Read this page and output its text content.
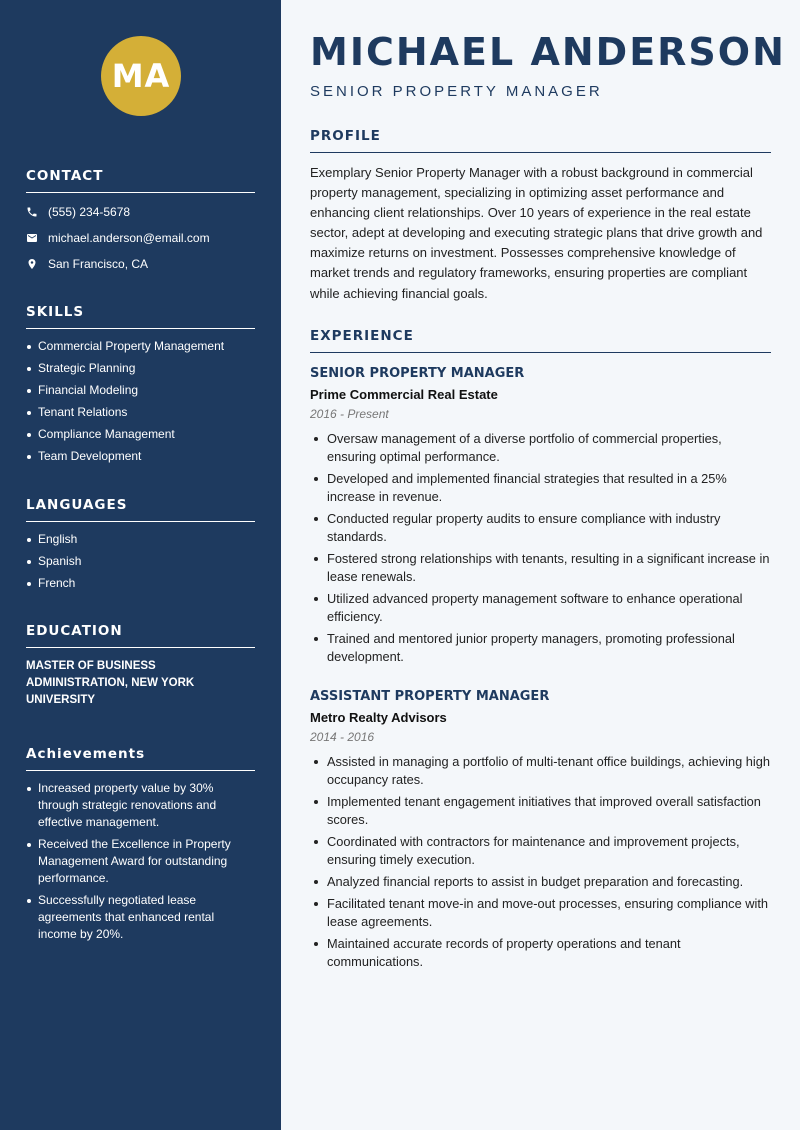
MA
CONTACT
(555) 234-5678
michael.anderson@email.com
San Francisco, CA
SKILLS
Commercial Property Management
Strategic Planning
Financial Modeling
Tenant Relations
Compliance Management
Team Development
LANGUAGES
English
Spanish
French
EDUCATION
MASTER OF BUSINESS ADMINISTRATION, NEW YORK UNIVERSITY
Achievements
Increased property value by 30% through strategic renovations and effective management.
Received the Excellence in Property Management Award for outstanding performance.
Successfully negotiated lease agreements that enhanced rental income by 20%.
MICHAEL ANDERSON
SENIOR PROPERTY MANAGER
PROFILE

Exemplary Senior Property Manager with a robust background in commercial property management, specializing in optimizing asset performance and enhancing client relationships. Over 10 years of experience in the real estate sector, adept at developing and executing strategic plans that drive growth and maximize returns on investment. Possesses comprehensive knowledge of market trends and regulatory frameworks, ensuring properties are compliant while achieving financial goals.

EXPERIENCE
SENIOR PROPERTY MANAGER
Prime Commercial Real Estate
2016 - Present
Oversaw management of a diverse portfolio of commercial properties, ensuring optimal performance.
Developed and implemented financial strategies that resulted in a 25% increase in revenue.
Conducted regular property audits to ensure compliance with industry standards.
Fostered strong relationships with tenants, resulting in a significant increase in lease renewals.
Utilized advanced property management software to enhance operational efficiency.
Trained and mentored junior property managers, promoting professional development.
ASSISTANT PROPERTY MANAGER
Metro Realty Advisors
2014 - 2016
Assisted in managing a portfolio of multi-tenant office buildings, achieving high occupancy rates.
Implemented tenant engagement initiatives that improved overall satisfaction scores.
Coordinated with contractors for maintenance and improvement projects, ensuring timely execution.
Analyzed financial reports to assist in budget preparation and forecasting.
Facilitated tenant move-in and move-out processes, ensuring compliance with lease agreements.
Maintained accurate records of property operations and tenant communications.
